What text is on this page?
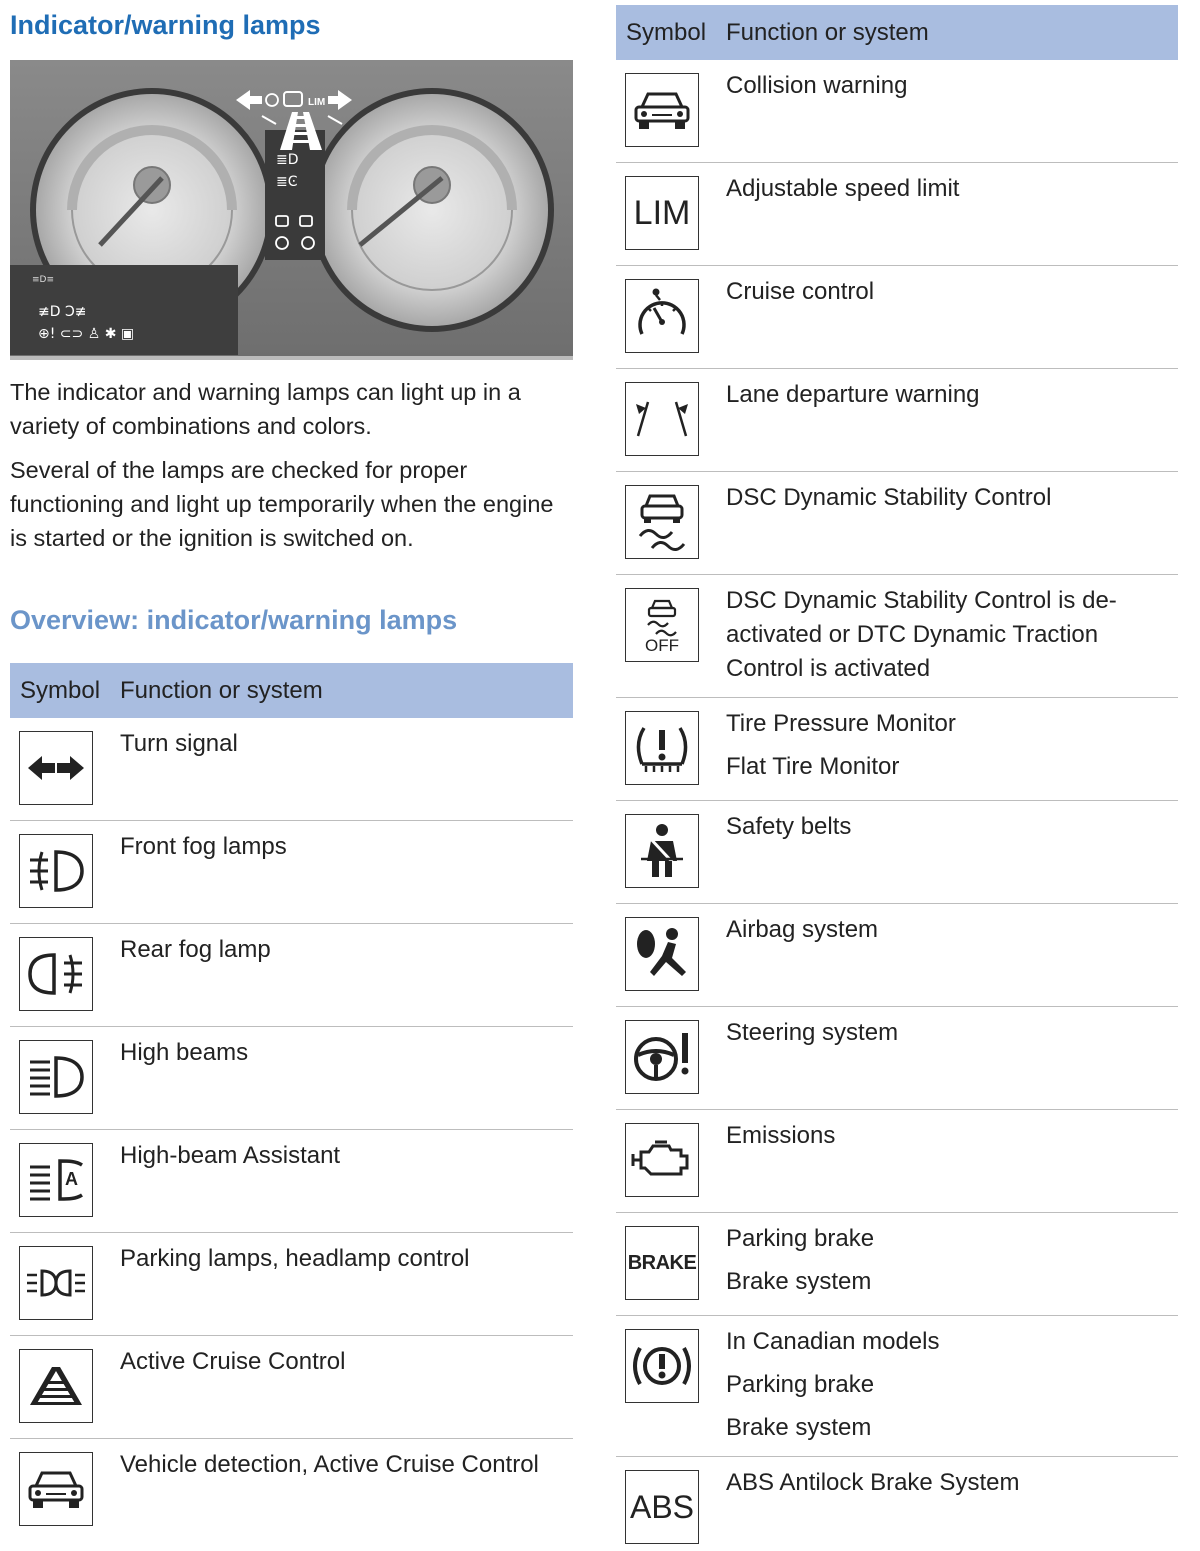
Indicator/warning lamps
LIM
≣D
≣Ͼ
≡D≡
≢D Ͻ≢
⊕! ⊂⊃ ♙ ✱ ▣
The indicator and warning lamps can light up in a variety of combinations and colors.
Several of the lamps are checked for proper functioning and light up temporarily when the engine is started or the ignition is switched on.
Overview: indicator/warning lamps
Symbol Function or system
Turn signal
Front fog lamps
Rear fog lamp
High beams
A
High-beam Assistant
Parking lamps, headlamp control
Active Cruise Control
Vehicle detection, Active Cruise Control
Symbol Function or system
Collision warning
LIM
Adjustable speed limit
Cruise control
Lane departure warning
DSC Dynamic Stability Control
OFF
DSC Dynamic Stability Control is de-activated or DTC Dynamic Traction Control is activated
Tire Pressure Monitor
Flat Tire Monitor
Safety belts
Airbag system
Steering system
Emissions
BRAKE
Parking brake
Brake system
In Canadian models
Parking brake
Brake system
ABS
ABS Antilock Brake System
